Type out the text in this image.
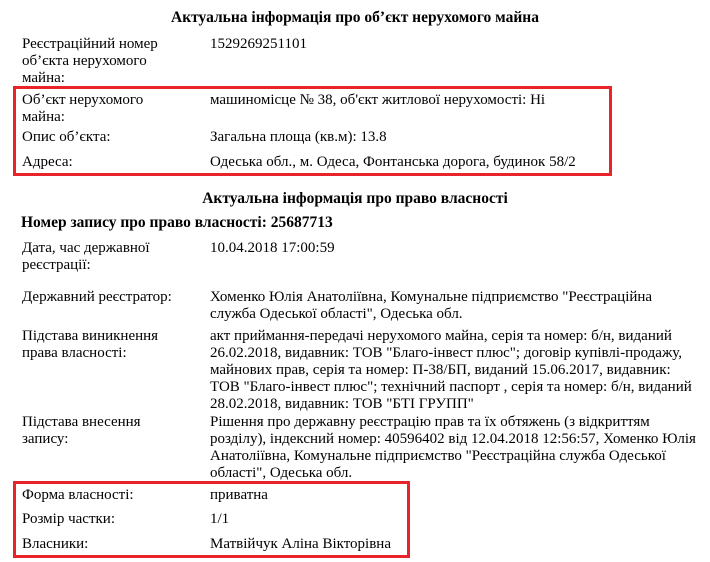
Актуальна інформація про об’єкт нерухомого майна
Реєстраційний номер об’єкта нерухомого майна:
1529269251101
Об’єкт нерухомого майна:
машиномісце № 38, об'єкт житлової нерухомості: Ні
Опис об’єкта:	Загальна площа (кв.м): 13.8
Адреса:	Одеська обл., м. Одеса, Фонтанська дорога, будинок 58/2
Актуальна інформація про право власності
Номер запису про право власності: 25687713
Дата, час державної реєстрації:
10.04.2018 17:00:59
Державний реєстратор:	Хоменко Юлія Анатоліївна, Комунальне підприємство "Реєстраційна служба Одеської області", Одеська обл.
Підстава виникнення права власності:
акт приймання-передачі нерухомого майна, серія та номер: б/н, виданий 26.02.2018, видавник: ТОВ "Благо-інвест плюс"; договір купівлі-продажу, майнових прав, серія та номер: П-38/БП, виданий 15.06.2017, видавник: ТОВ "Благо-інвест плюс"; технічний паспорт , серія та номер: б/н, виданий 28.02.2018, видавник: ТОВ "БТІ ГРУПП"
Підстава внесення запису:
Рішення про державну реєстрацію прав та їх обтяжень (з відкриттям розділу), індексний номер: 40596402 від 12.04.2018 12:56:57, Хоменко Юлія Анатоліївна, Комунальне підприємство "Реєстраційна служба Одеської області", Одеська обл.
Форма власності:	приватна
Розмір частки:	1/1
Власники:	Матвійчук Аліна Вікторівна
